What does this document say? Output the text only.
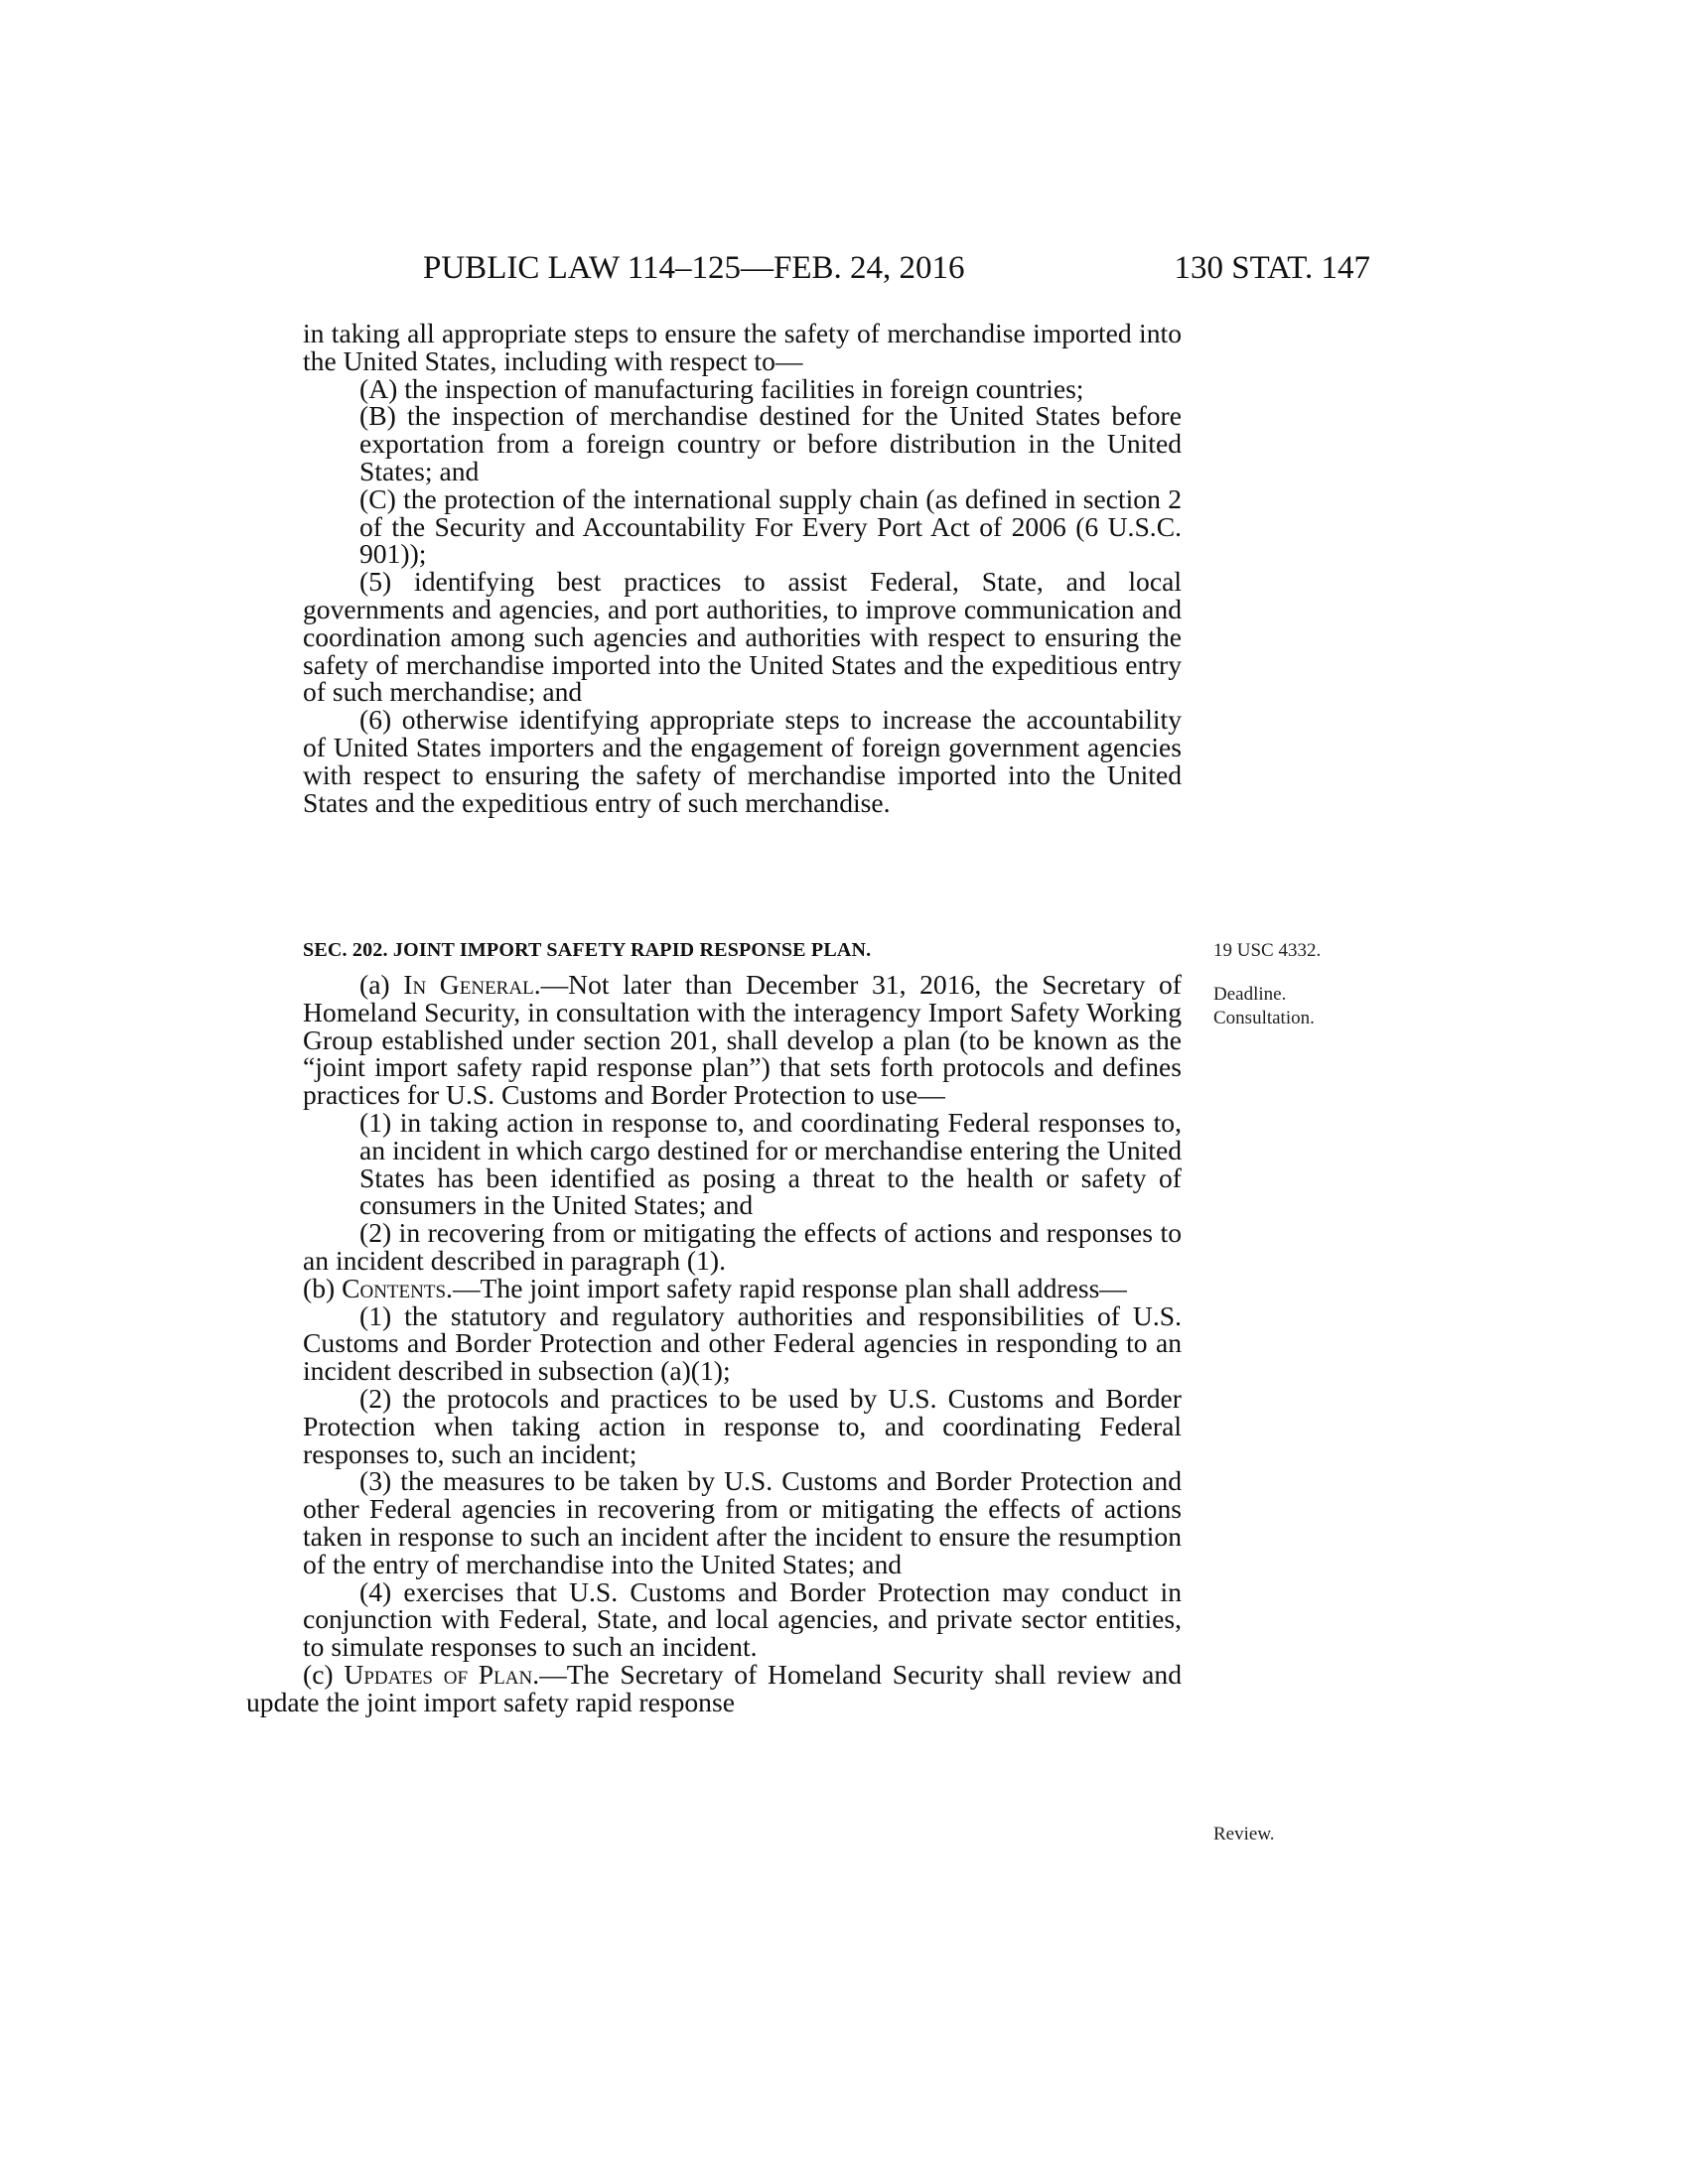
PUBLIC LAW 114–125—FEB. 24, 2016	130 STAT. 147

in taking all appropriate steps to ensure the safety of merchandise imported into the United States, including with respect to—

(A) the inspection of manufacturing facilities in foreign countries;

(B) the inspection of merchandise destined for the United States before exportation from a foreign country or before distribution in the United States; and

(C) the protection of the international supply chain (as defined in section 2 of the Security and Accountability For Every Port Act of 2006 (6 U.S.C. 901));

(5) identifying best practices to assist Federal, State, and local governments and agencies, and port authorities, to improve communication and coordination among such agencies and authorities with respect to ensuring the safety of merchandise imported into the United States and the expeditious entry of such merchandise; and

(6) otherwise identifying appropriate steps to increase the accountability of United States importers and the engagement of foreign government agencies with respect to ensuring the safety of merchandise imported into the United States and the expeditious entry of such merchandise.

SEC. 202. JOINT IMPORT SAFETY RAPID RESPONSE PLAN.

(a) In General.—Not later than December 31, 2016, the Secretary of Homeland Security, in consultation with the interagency Import Safety Working Group established under section 201, shall develop a plan (to be known as the “joint import safety rapid response plan”) that sets forth protocols and defines practices for U.S. Customs and Border Protection to use—

(1) in taking action in response to, and coordinating Federal responses to, an incident in which cargo destined for or merchandise entering the United States has been identified as posing a threat to the health or safety of consumers in the United States; and

(2) in recovering from or mitigating the effects of actions and responses to an incident described in paragraph (1).

(b) Contents.—The joint import safety rapid response plan shall address—

(1) the statutory and regulatory authorities and responsibilities of U.S. Customs and Border Protection and other Federal agencies in responding to an incident described in subsection (a)(1);

(2) the protocols and practices to be used by U.S. Customs and Border Protection when taking action in response to, and coordinating Federal responses to, such an incident;

(3) the measures to be taken by U.S. Customs and Border Protection and other Federal agencies in recovering from or mitigating the effects of actions taken in response to such an incident after the incident to ensure the resumption of the entry of merchandise into the United States; and

(4) exercises that U.S. Customs and Border Protection may conduct in conjunction with Federal, State, and local agencies, and private sector entities, to simulate responses to such an incident.

(c) Updates of Plan.—The Secretary of Homeland Security shall review and update the joint import safety rapid response

19 USC 4332.
Deadline.
Consultation.
Review.
